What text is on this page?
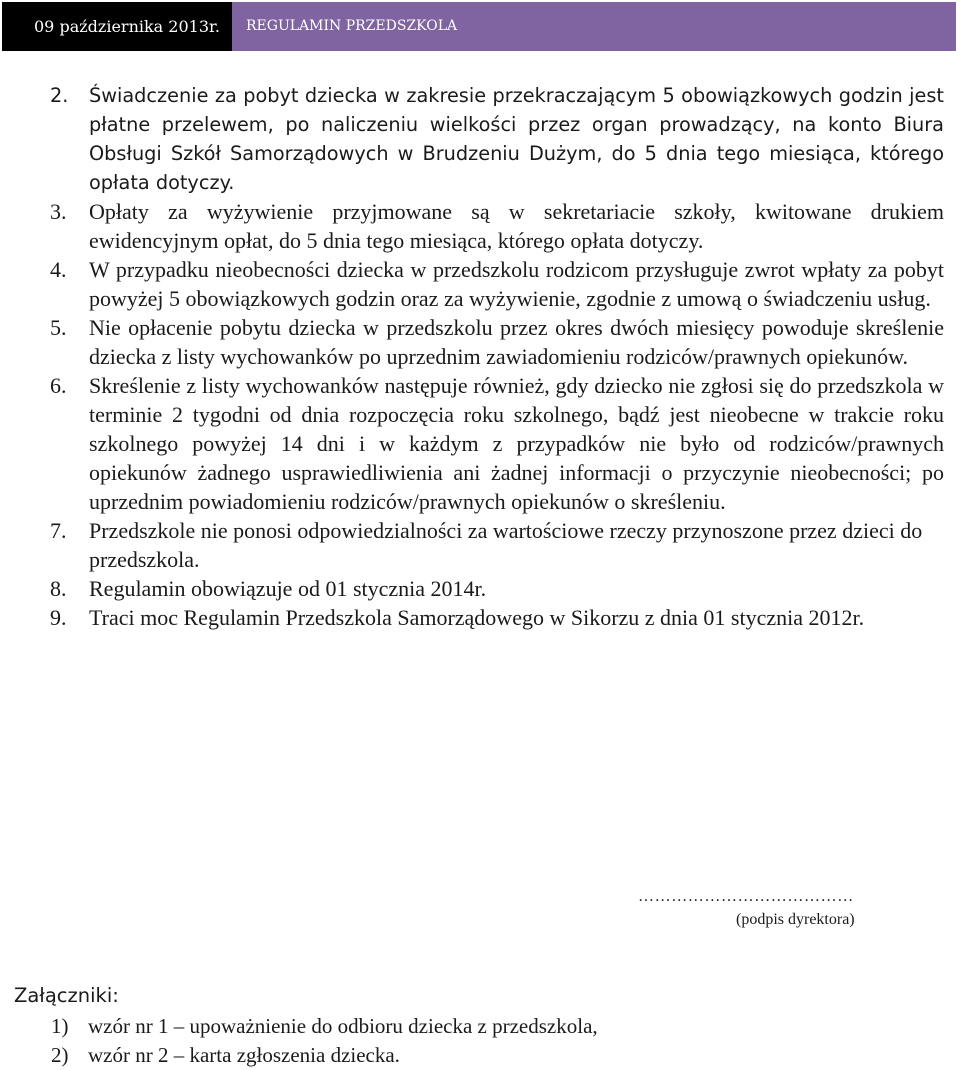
09 października 2013r.	REGULAMIN PRZEDSZKOLA
2.	Świadczenie za pobyt dziecka w zakresie przekraczającym 5 obowiązkowych godzin jest płatne przelewem, po naliczeniu wielkości przez organ prowadzący, na konto Biura Obsługi Szkół Samorządowych w Brudzeniu Dużym, do 5 dnia tego miesiąca, którego opłata dotyczy.
3.	Opłaty za wyżywienie przyjmowane są w sekretariacie szkoły, kwitowane drukiem ewidencyjnym opłat, do 5 dnia tego miesiąca, którego opłata dotyczy.
4.	W przypadku nieobecności dziecka w przedszkolu rodzicom przysługuje zwrot wpłaty za pobyt powyżej 5 obowiązkowych godzin oraz za wyżywienie, zgodnie z umową o świadczeniu usług.
5.	Nie opłacenie pobytu dziecka w przedszkolu przez okres dwóch miesięcy powoduje skreślenie dziecka z listy wychowanków po uprzednim zawiadomieniu rodziców/prawnych opiekunów.
6.	Skreślenie z listy wychowanków następuje również, gdy dziecko nie zgłosi się do przedszkola w terminie 2 tygodni od dnia rozpoczęcia roku szkolnego, bądź jest nieobecne w trakcie roku szkolnego powyżej 14 dni i w każdym z przypadków nie było od rodziców/prawnych opiekunów żadnego usprawiedliwienia ani żadnej informacji o przyczynie nieobecności; po uprzednim powiadomieniu rodziców/prawnych opiekunów o skreśleniu.
7.	Przedszkole nie ponosi odpowiedzialności za wartościowe rzeczy przynoszone przez dzieci do przedszkola.
8.	Regulamin obowiązuje od 01 stycznia 2014r.
9.	Traci moc Regulamin Przedszkola Samorządowego w Sikorzu z dnia 01 stycznia 2012r.
…………………………………
(podpis dyrektora)
Załączniki:
1) wzór nr 1 – upoważnienie do odbioru dziecka z przedszkola,
2) wzór nr 2 – karta zgłoszenia dziecka.
